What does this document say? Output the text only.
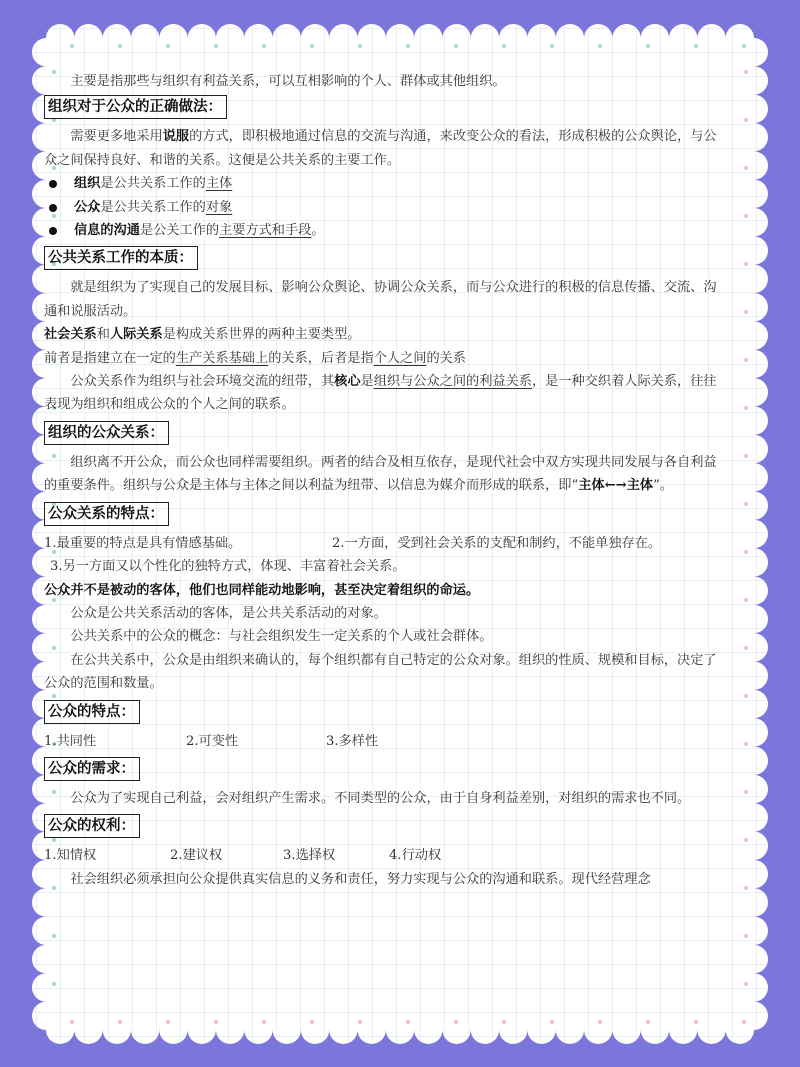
主要是指那些与组织有利益关系，可以互相影响的个人、群体或其他组织。

组织对于公众的正确做法：

需要更多地采用说服的方式，即积极地通过信息的交流与沟通，来改变公众的看法，形成积极的公众舆论，与公众之间保持良好、和谐的关系。这便是公共关系的主要工作。

组织是公共关系工作的主体

公众是公共关系工作的对象

信息的沟通是公关工作的主要方式和手段。

公共关系工作的本质：

就是组织为了实现自己的发展目标、影响公众舆论、协调公众关系，而与公众进行的积极的信息传播、交流、沟通和说服活动。

社会关系和人际关系是构成关系世界的两种主要类型。

前者是指建立在一定的生产关系基础上的关系，后者是指个人之间的关系

公众关系作为组织与社会环境交流的纽带，其核心是组织与公众之间的利益关系，是一种交织着人际关系，往往表现为组织和组成公众的个人之间的联系。

组织的公众关系：

组织离不开公众，而公众也同样需要组织。两者的结合及相互依存，是现代社会中双方实现共同发展与各自利益的重要条件。组织与公众是主体与主体之间以利益为纽带、以信息为媒介而形成的联系，即“主体←→主体”。

公众关系的特点：
1.最重要的特点是具有情感基础。	2.一方面，受到社会关系的支配和制约，不能单独存在。

3.另一方面又以个性化的独特方式，体现、丰富着社会关系。

公众并不是被动的客体，他们也同样能动地影响，甚至决定着组织的命运。

公众是公共关系活动的客体，是公共关系活动的对象。

公共关系中的公众的概念：与社会组织发生一定关系的个人或社会群体。

在公共关系中，公众是由组织来确认的，每个组织都有自己特定的公众对象。组织的性质、规模和目标，决定了公众的范围和数量。

公众的特点：
1.共同性	2.可变性	3.多样性
公众的需求：

公众为了实现自己利益，会对组织产生需求。不同类型的公众，由于自身利益差别，对组织的需求也不同。

公众的权利：
1.知情权	2.建议权	3.选择权	4.行动权

社会组织必须承担向公众提供真实信息的义务和责任，努力实现与公众的沟通和联系。现代经营理念
